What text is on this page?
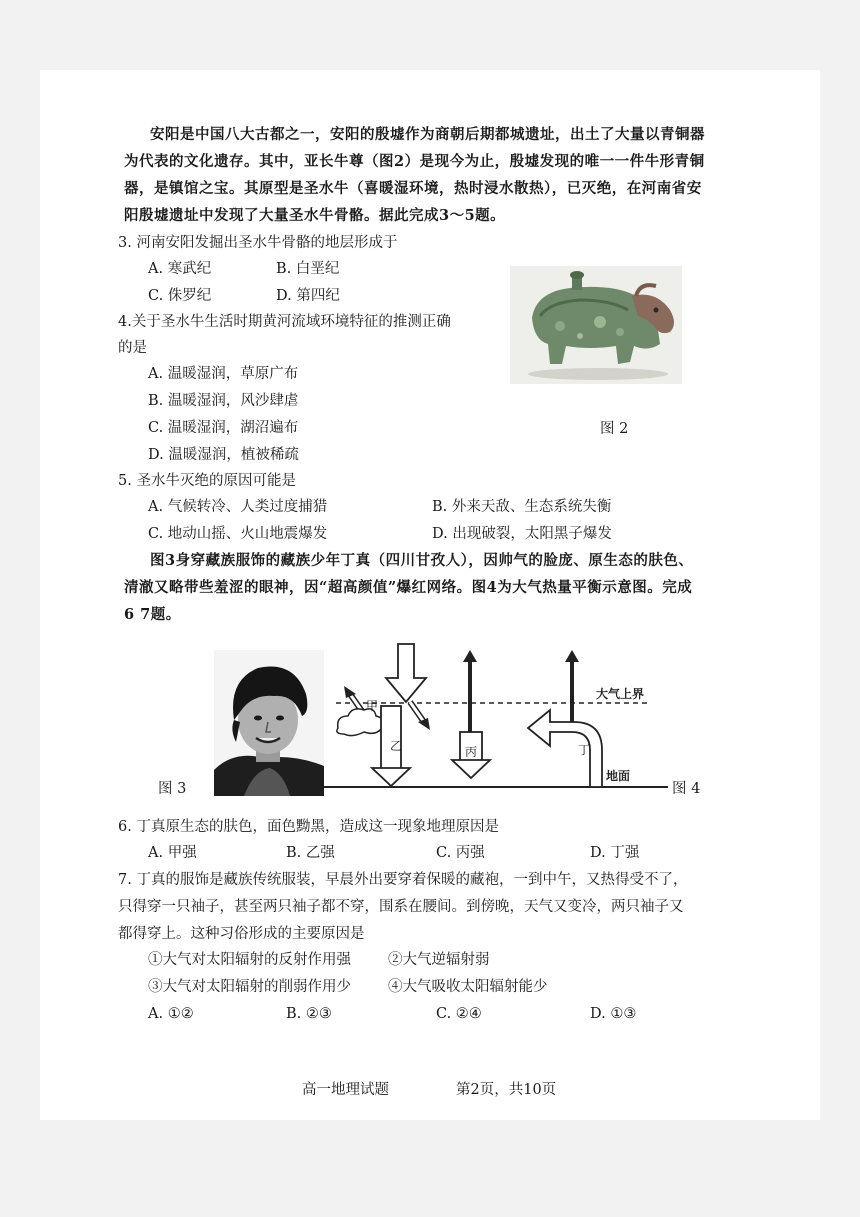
安阳是中国八大古都之一，安阳的殷墟作为商朝后期都城遗址，出土了大量以青铜器
为代表的文化遗存。其中，亚长牛尊（图2）是现今为止，殷墟发现的唯一一件牛形青铜
器，是镇馆之宝。其原型是圣水牛（喜暖湿环境，热时浸水散热），已灭绝，在河南省安
阳殷墟遗址中发现了大量圣水牛骨骼。据此完成3～5题。
3. 河南安阳发掘出圣水牛骨骼的地层形成于
A. 寒武纪	B. 白垩纪
C. 侏罗纪	D. 第四纪
4.关于圣水牛生活时期黄河流域环境特征的推测正确
的是
A. 温暖湿润，草原广布
B. 温暖湿润，风沙肆虐
C. 温暖湿润，湖沼遍布
D. 温暖湿润，植被稀疏
图 2
5. 圣水牛灭绝的原因可能是
A. 气候转冷、人类过度捕猎	B. 外来天敌、生态系统失衡
C. 地动山摇、火山地震爆发	D. 出现破裂，太阳黑子爆发
图3身穿藏族服饰的藏族少年丁真（四川甘孜人），因帅气的脸庞、原生态的肤色、
清澈又略带些羞涩的眼神，因“超高颜值”爆红网络。图4为大气热量平衡示意图。完成
6 7题。
图 3
甲
乙	丙	丁
大气上界
地面
图 4
6. 丁真原生态的肤色，面色黝黑，造成这一现象地理原因是
A. 甲强	B. 乙强	C. 丙强	D. 丁强
7. 丁真的服饰是藏族传统服装，早晨外出要穿着保暖的藏袍，一到中午，又热得受不了，
只得穿一只袖子，甚至两只袖子都不穿，围系在腰间。到傍晚，天气又变冷，两只袖子又
都得穿上。这种习俗形成的主要原因是
①大气对太阳辐射的反射作用强	②大气逆辐射弱
③大气对太阳辐射的削弱作用少	④大气吸收太阳辐射能少
A. ①②	B. ②③	C. ②④	D. ①③
高一地理试题	第2页，共10页
